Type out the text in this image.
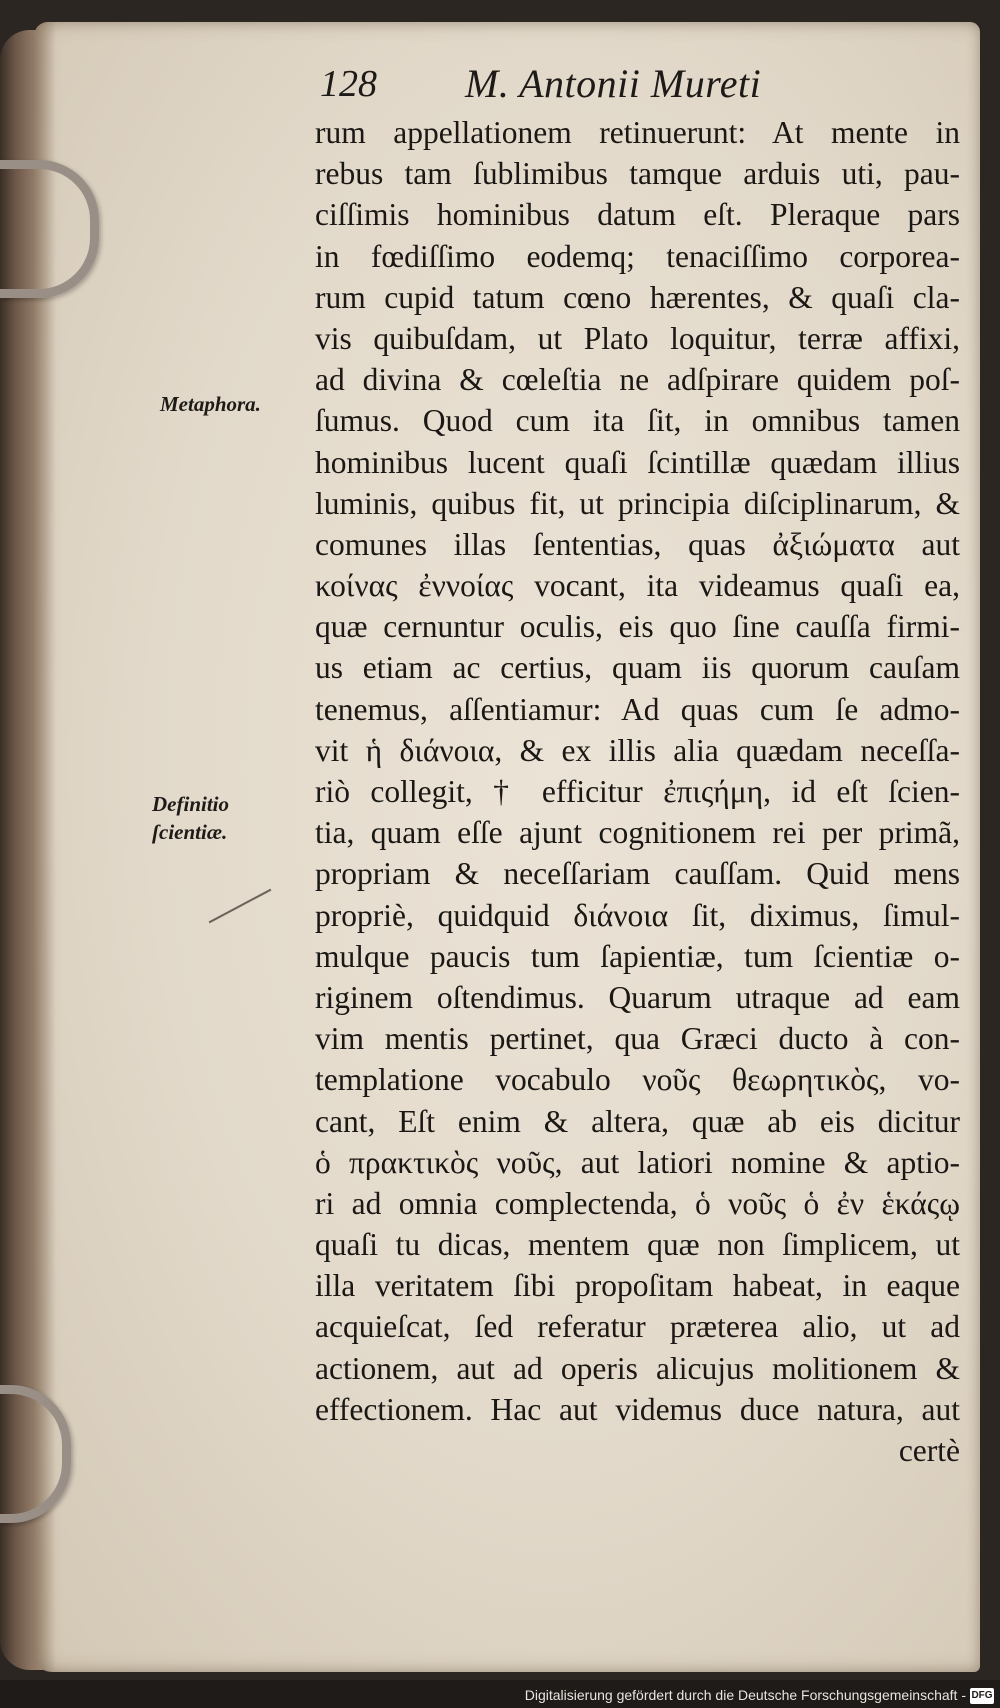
128 M. Antonii Mureti
rum appellationem retinuerunt: At mente in
rebus tam ſublimibus tamque arduis uti, pau-
ciſſimis hominibus datum eſt. Pleraque pars
in fœdiſſimo eodemq; tenaciſſimo corporea-
rum cupid tatum cœno hærentes, & quaſi cla-
vis quibuſdam, ut Plato loquitur, terræ affixi,
ad divina & cœleſtia ne adſpirare quidem poſ-
ſumus. Quod cum ita ſit, in omnibus tamen
hominibus lucent quaſi ſcintillæ quædam illius
luminis, quibus fit, ut principia diſciplinarum, &
comunes illas ſententias, quas ἀξιώματα aut
κοίνας ἐννοίας vocant, ita videamus quaſi ea,
quæ cernuntur oculis, eis quo ſine cauſſa firmi-
us etiam ac certius, quam iis quorum cauſam
tenemus, aſſentiamur: Ad quas cum ſe admo-
vit ἡ διάνοια, & ex illis alia quædam neceſſa-
riò collegit, † efficitur ἐπιςήμη, id eſt ſcien-
tia, quam eſſe ajunt cognitionem rei per primã,
propriam & neceſſariam cauſſam. Quid mens
propriè, quidquid διάνοια ſit, diximus, ſimul-
mulque paucis tum ſapientiæ, tum ſcientiæ o-
riginem oſtendimus. Quarum utraque ad eam
vim mentis pertinet, qua Græci ducto à con-
templatione vocabulo νοῦς θεωρητικὸς, vo-
cant, Eſt enim & altera, quæ ab eis dicitur
ὁ πρακτικὸς νοῦς, aut latiori nomine & aptio-
ri ad omnia complectenda, ὁ νοῦς ὁ ἐν ἑκάςῳ
quaſi tu dicas, mentem quæ non ſimplicem, ut
illa veritatem ſibi propoſitam habeat, in eaque
acquieſcat, ſed referatur præterea alio, ut ad
actionem, aut ad operis alicujus molitionem &
effectionem. Hac aut videmus duce natura, aut
certè
Metaphora.
Definitio
ſcientiæ.
Digitalisierung gefördert durch die Deutsche Forschungsgemeinschaft - DFG
